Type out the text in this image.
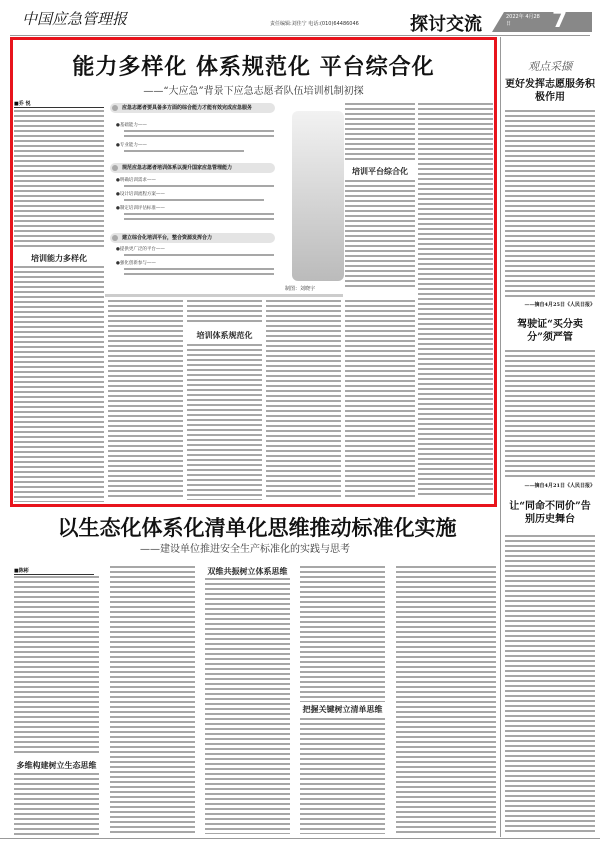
中国应急管理报	责任编辑:刘佳宁 电话:(010)64486046	探讨交流	2022年 4月28日	7
能力多样化 体系规范化 平台综合化
——“大应急”背景下应急志愿者队伍培训机制初探
■乔 悦
培训能力多样化
应急志愿者要具备多方面的综合能力才能有效完成应急服务
●基础能力——
●专业能力——
规范应急志愿者培训体系以提升国家应急管理能力
●明确培训需求——
●设计培训流程方案——
●制定培训评估标准——
建立综合化培训平台，整合资源发挥合力
●提供更广泛的平台——
●强化创新参与——
制图：刘晓宇
培训平台综合化
培训体系规范化
以生态化体系化清单化思维推动标准化实施
——建设单位推进安全生产标准化的实践与思考
■陈彬
多维构建树立生态思维
双维共振树立体系思维
把握关键树立清单思维
观点采撷
更好发挥志愿服务积极作用
——摘自4月25日《人民日报》
驾驶证“买分卖分”须严管
——摘自4月21日《人民日报》
让“同命不同价”告别历史舞台
